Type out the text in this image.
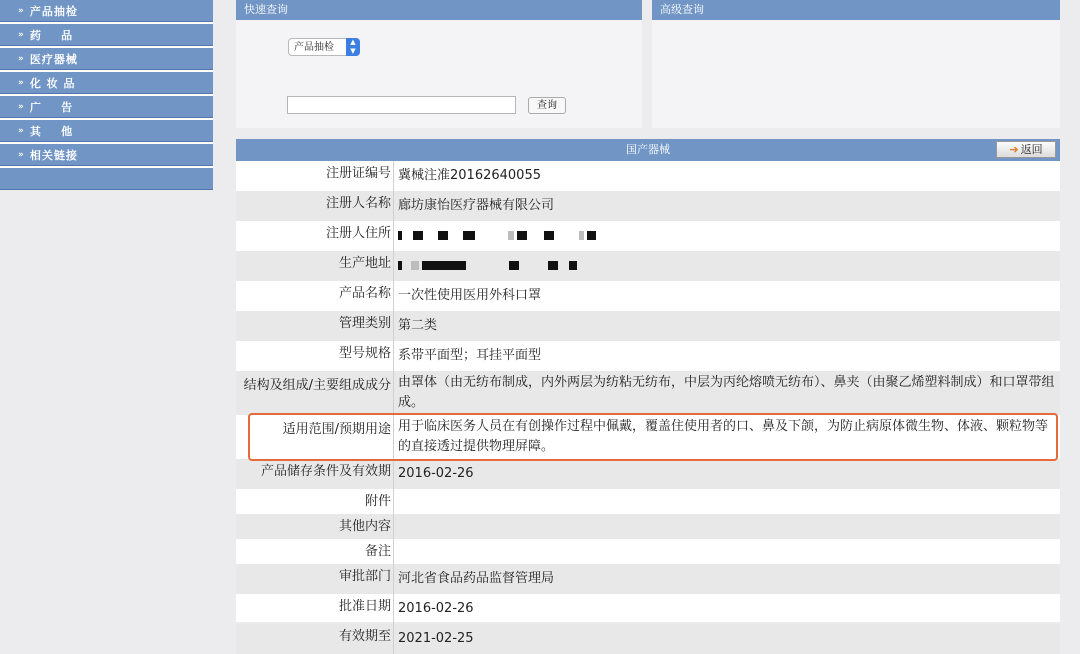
» 产品抽检
» 药    品
» 医疗器械
» 化 妆 品
» 广    告
» 其    他
» 相关链接
快速查询
产品抽检	▲
▼
查询
高级查询
国产器械	➔ 返回
注册证编号 冀械注准20162640055
注册人名称 廊坊康怡医疗器械有限公司
注册人住所
生产地址
产品名称 一次性使用医用外科口罩
管理类别 第二类
型号规格 系带平面型；耳挂平面型
结构及组成/主要组成成分 由罩体（由无纺布制成，内外两层为纺粘无纺布，中层为丙纶熔喷无纺布）、鼻夹（由聚乙烯塑料制成）和口罩带组成。
适用范围/预期用途 用于临床医务人员在有创操作过程中佩戴，覆盖住使用者的口、鼻及下颌，为防止病原体微生物、体液、颗粒物等的直接透过提供物理屏障。
产品储存条件及有效期 2016-02-26
附件
其他内容
备注
审批部门 河北省食品药品监督管理局
批准日期 2016-02-26
有效期至 2021-02-25
